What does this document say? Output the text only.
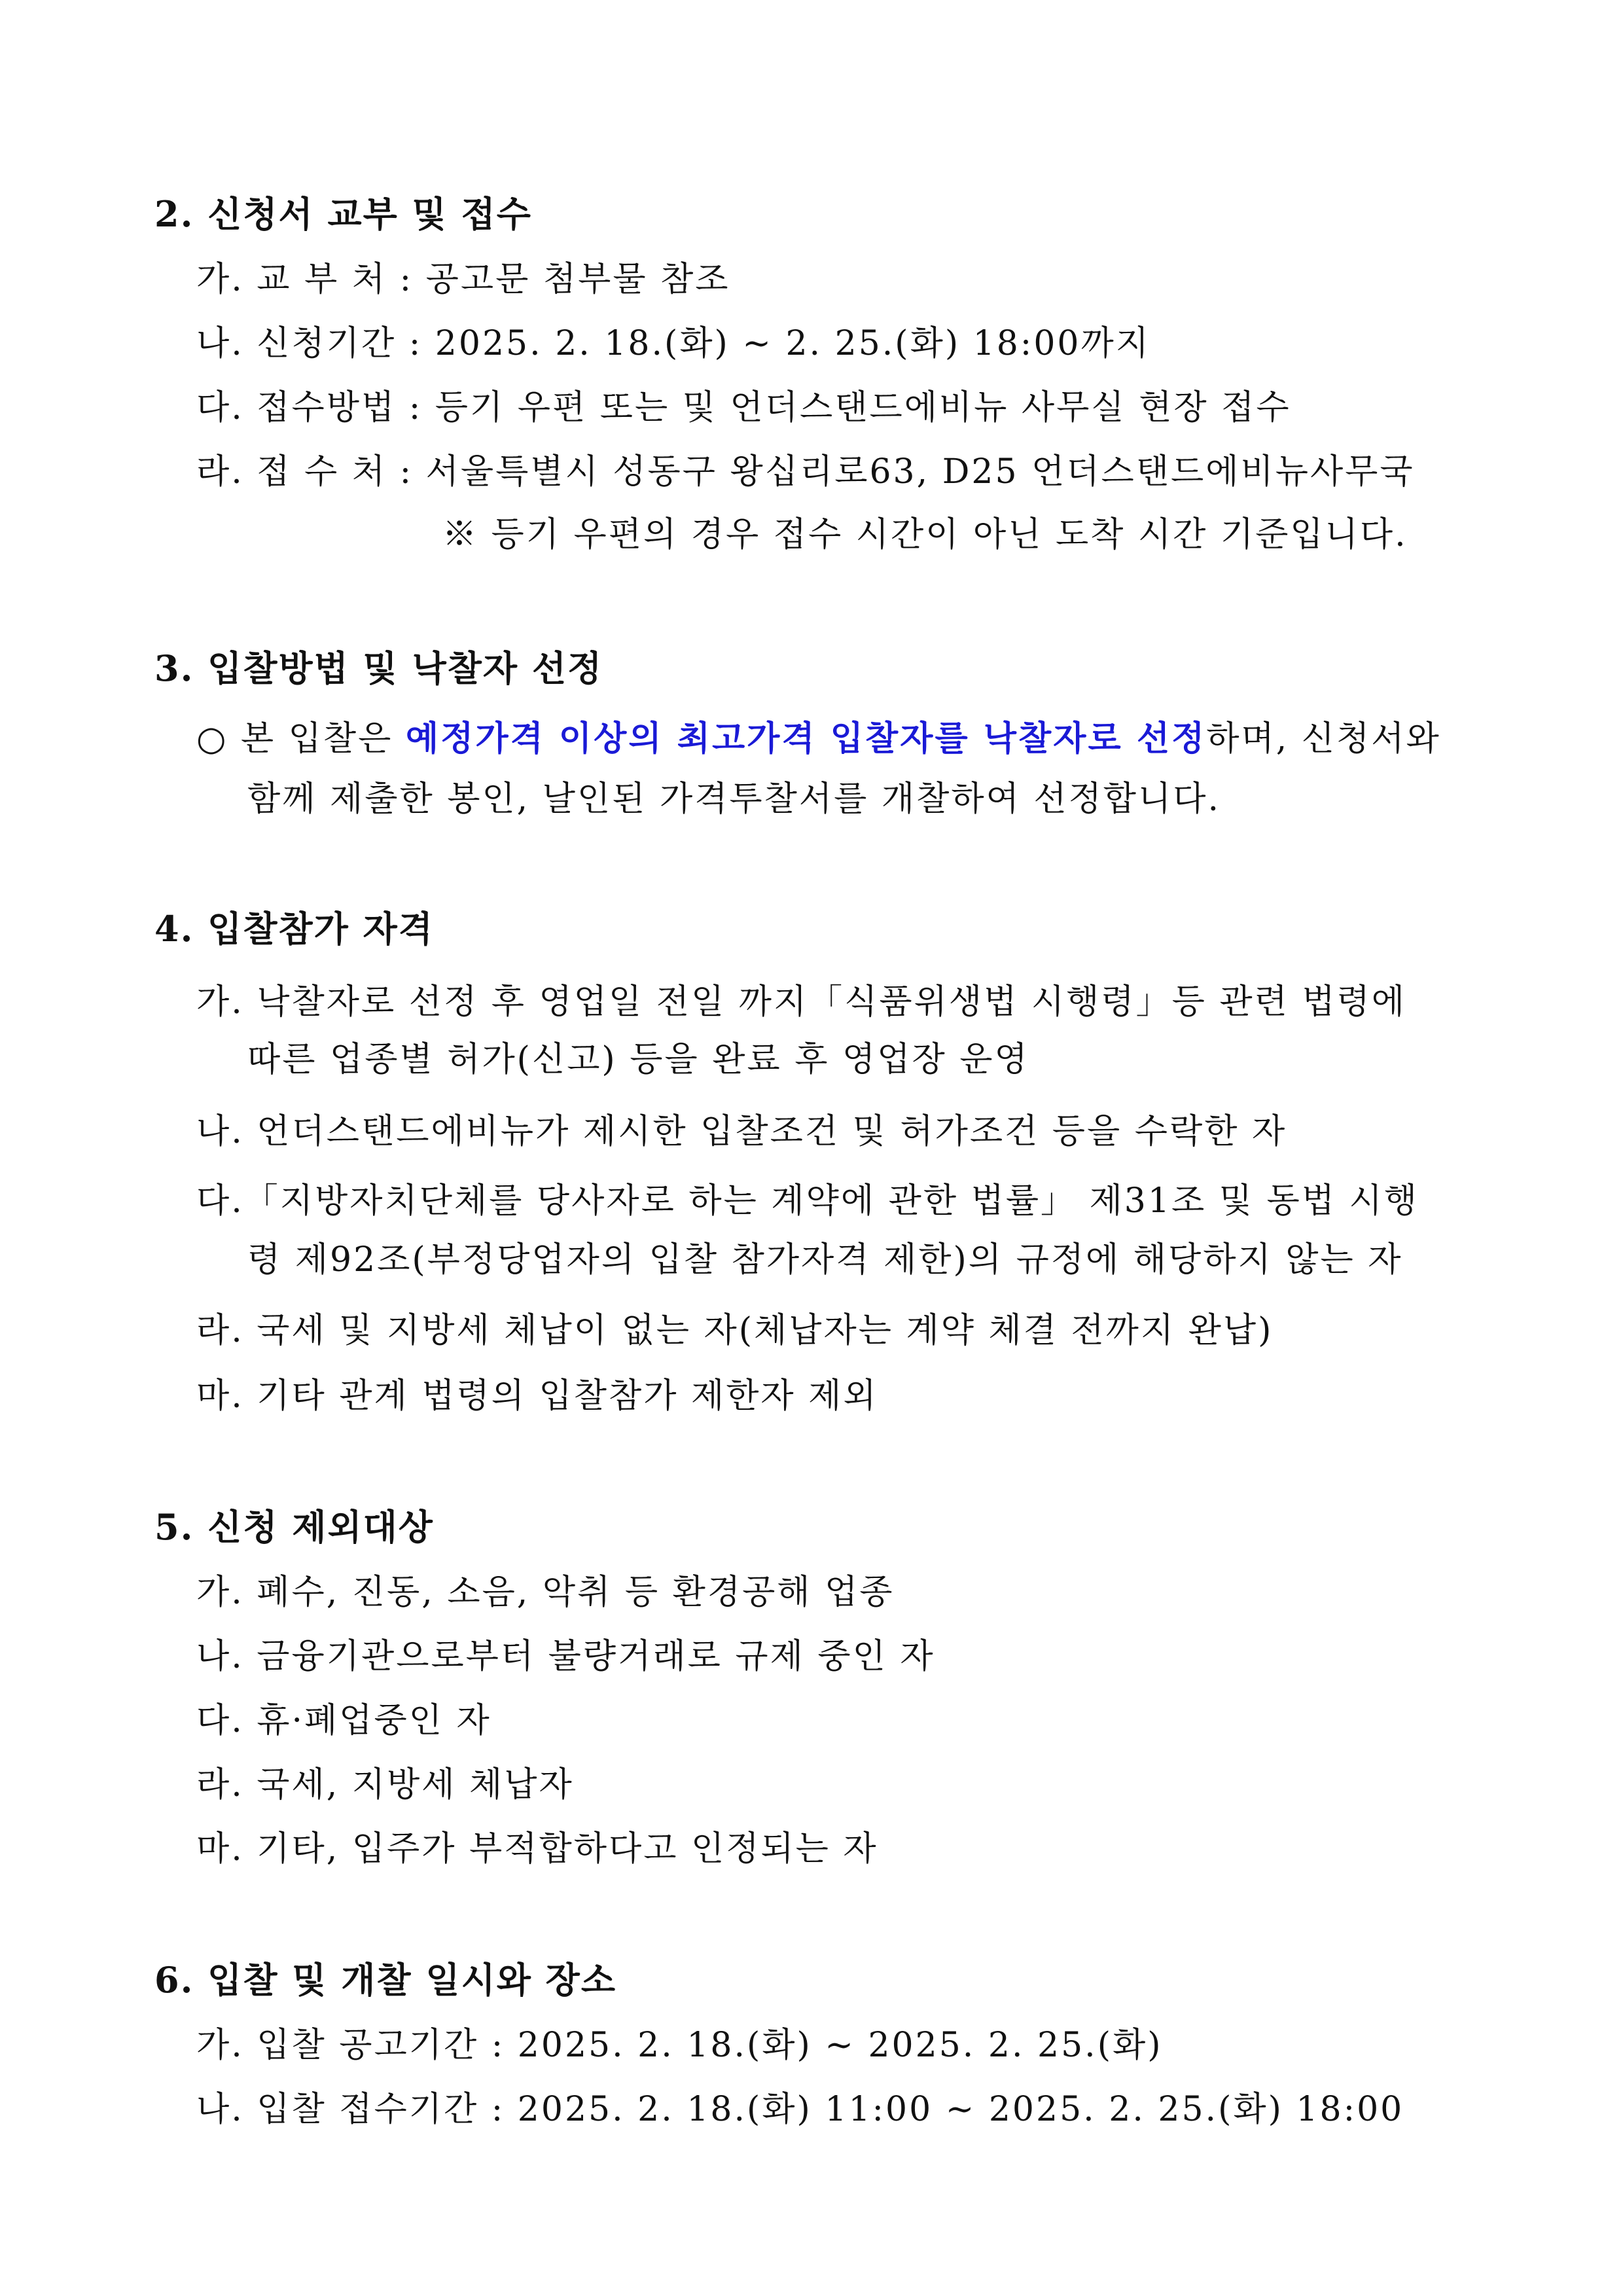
2. 신청서 교부 및 접수
가. 교 부 처 : 공고문 첨부물 참조
나. 신청기간 : 2025. 2. 18.(화) ~ 2. 25.(화) 18:00까지
다. 접수방법 : 등기 우편 또는 및 언더스탠드에비뉴 사무실 현장 접수
라. 접 수 처 : 서울특별시 성동구 왕십리로63, D25 언더스탠드에비뉴사무국
※ 등기 우편의 경우 접수 시간이 아닌 도착 시간 기준입니다.
3. 입찰방법 및 낙찰자 선정
○ 본 입찰은 예정가격 이상의 최고가격 입찰자를 낙찰자로 선정하며, 신청서와
함께 제출한 봉인, 날인된 가격투찰서를 개찰하여 선정합니다.
4. 입찰참가 자격
가. 낙찰자로 선정 후 영업일 전일 까지「식품위생법 시행령」등 관련 법령에
따른 업종별 허가(신고) 등을 완료 후 영업장 운영
나. 언더스탠드에비뉴가 제시한 입찰조건 및 허가조건 등을 수락한 자
다.「지방자치단체를 당사자로 하는 계약에 관한 법률」 제31조 및 동법 시행
령 제92조(부정당업자의 입찰 참가자격 제한)의 규정에 해당하지 않는 자
라. 국세 및 지방세 체납이 없는 자(체납자는 계약 체결 전까지 완납)
마. 기타 관계 법령의 입찰참가 제한자 제외
5. 신청 제외대상
가. 폐수, 진동, 소음, 악취 등 환경공해 업종
나. 금융기관으로부터 불량거래로 규제 중인 자
다. 휴·폐업중인 자
라. 국세, 지방세 체납자
마. 기타, 입주가 부적합하다고 인정되는 자
6. 입찰 및 개찰 일시와 장소
가. 입찰 공고기간 : 2025. 2. 18.(화) ~ 2025. 2. 25.(화)
나. 입찰 접수기간 : 2025. 2. 18.(화) 11:00 ~ 2025. 2. 25.(화) 18:00
